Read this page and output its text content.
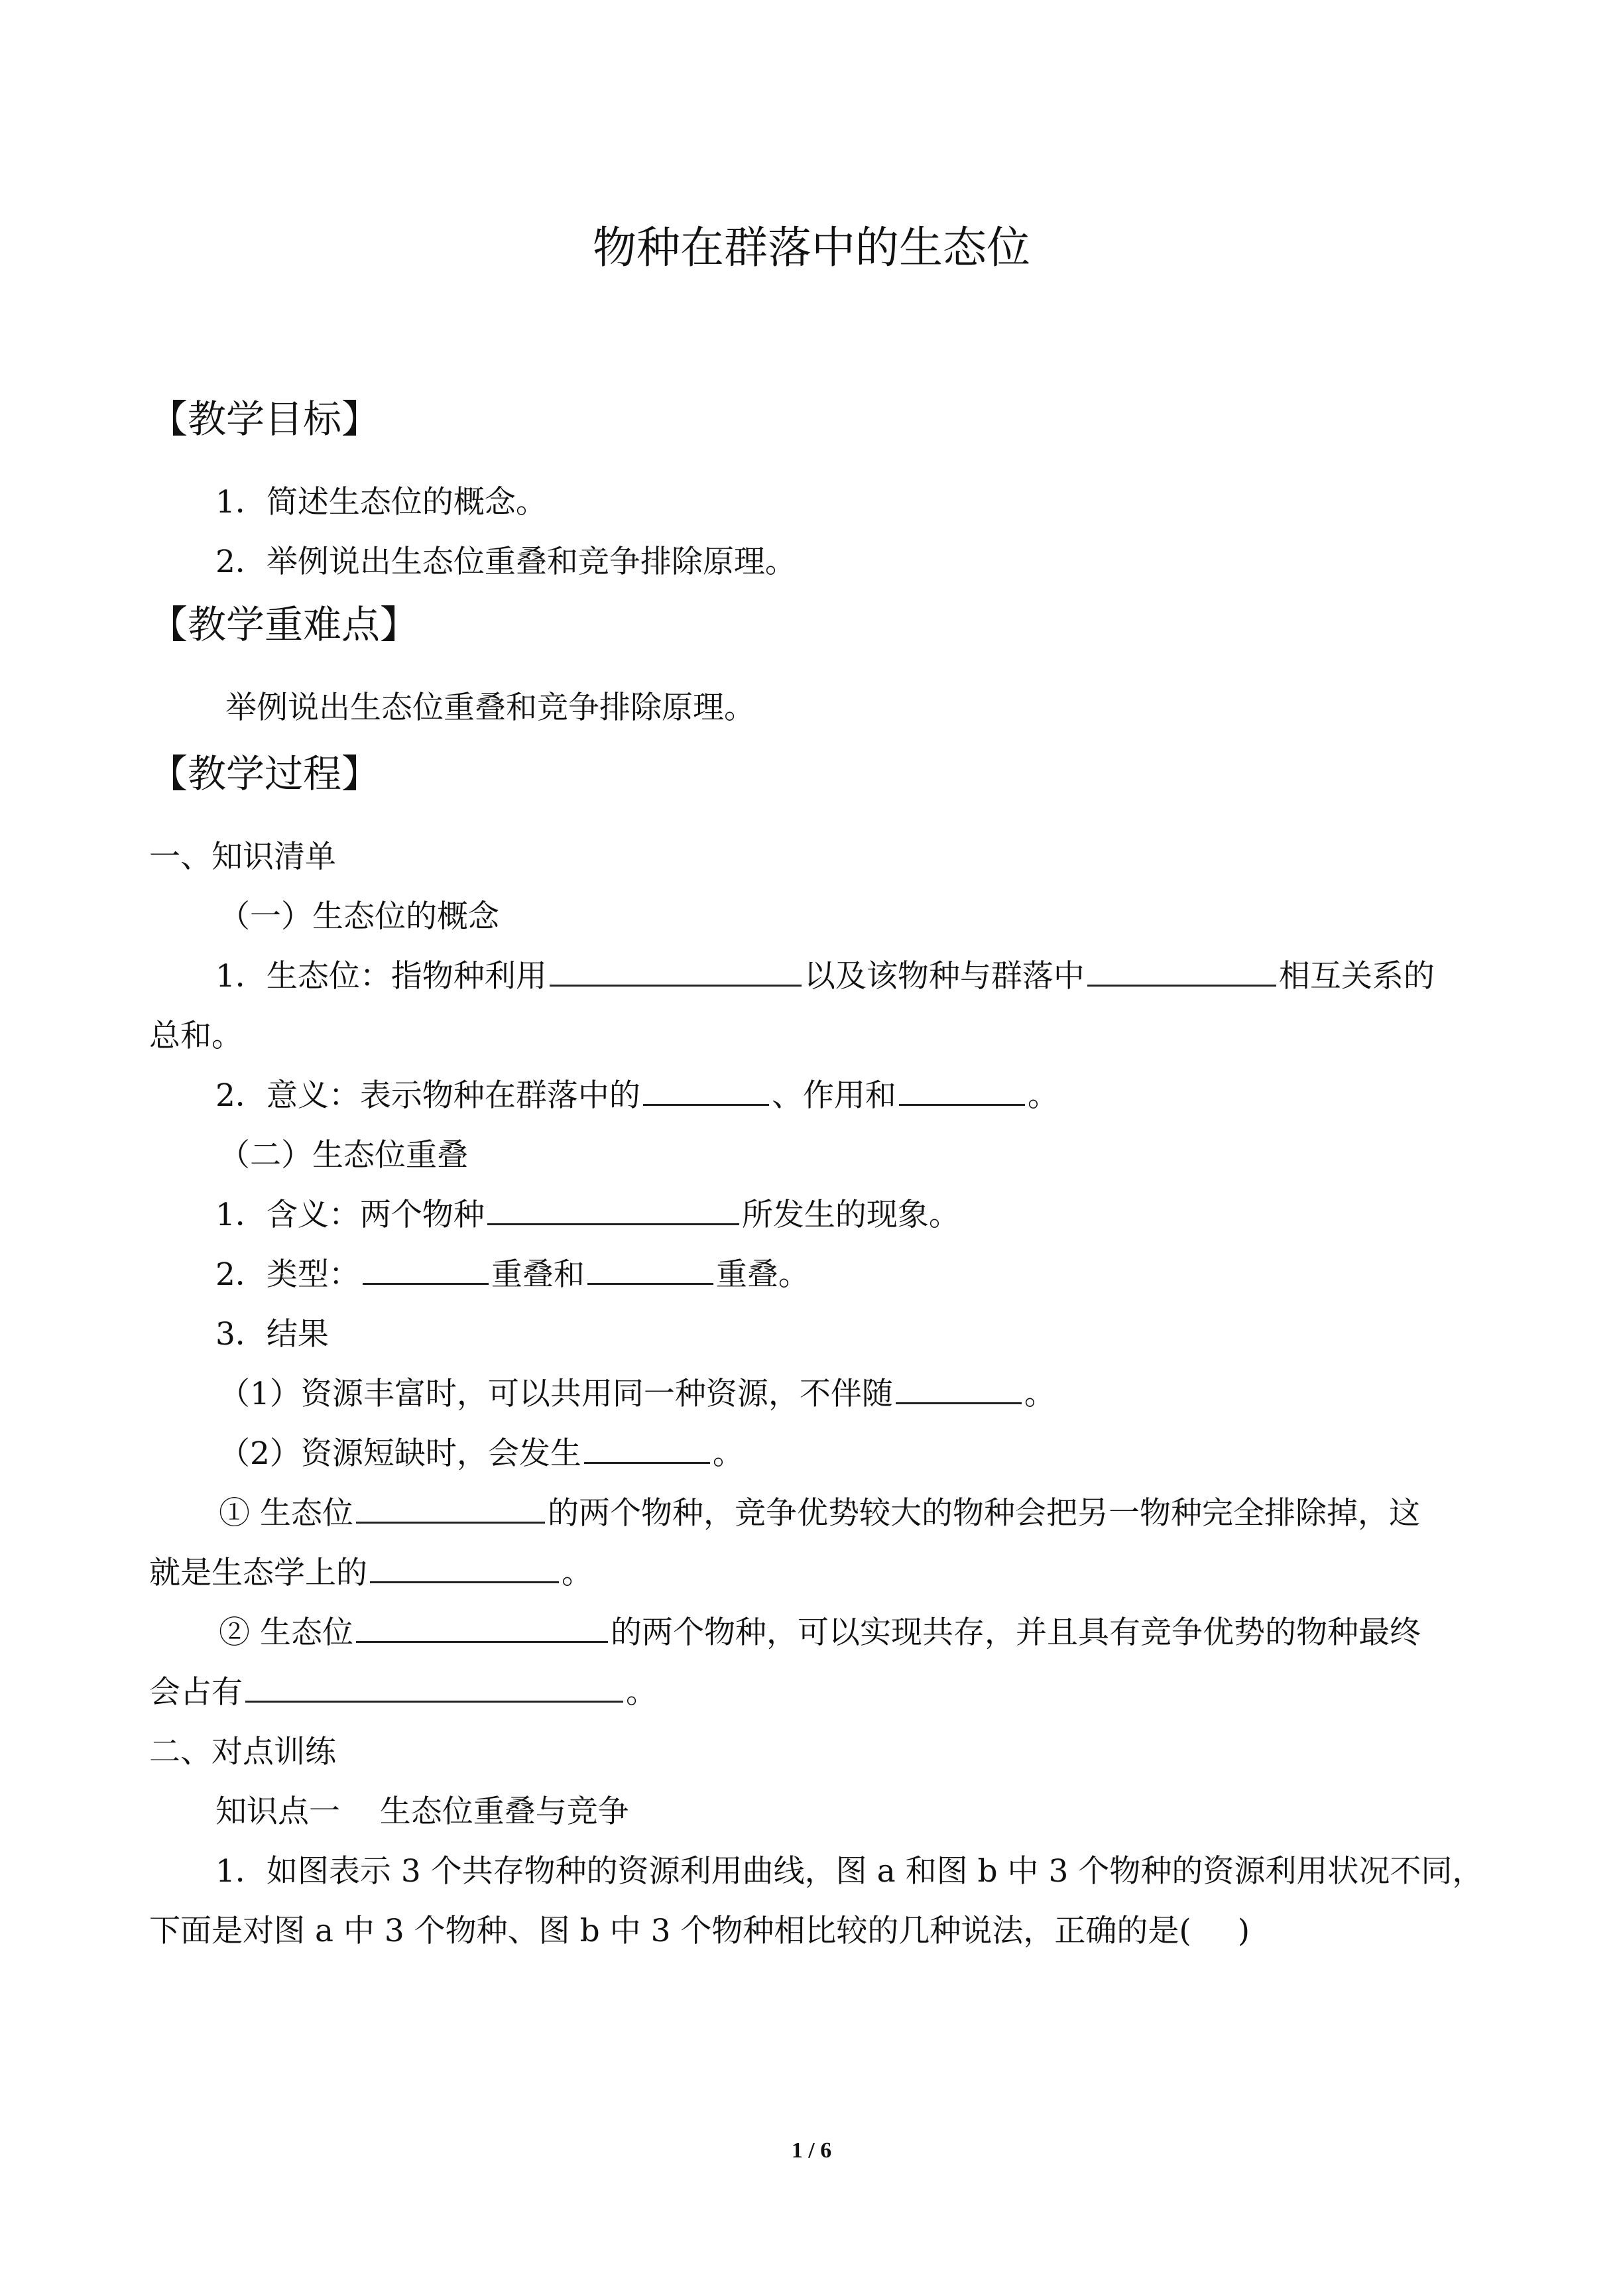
物种在群落中的生态位
【教学目标】
1．简述生态位的概念。
2．举例说出生态位重叠和竞争排除原理。
【教学重难点】
举例说出生态位重叠和竞争排除原理。
【教学过程】
一、知识清单
（一）生态位的概念
1．生态位：指物种利用	以及该物种与群落中	相互关系的
总和。
2．意义：表示物种在群落中的	、作用和	。
（二）生态位重叠
1．含义：两个物种	所发生的现象。
2．类型：	重叠和	重叠。
3．结果
（1）资源丰富时，可以共用同一种资源，不伴随	。
（2）资源短缺时，会发生	。
① 生态位	的两个物种，竞争优势较大的物种会把另一物种完全排除掉，这
就是生态学上的	。
② 生态位	的两个物种，可以实现共存，并且具有竞争优势的物种最终
会占有	。
二、对点训练
知识点一    生态位重叠与竞争
1．如图表示 3 个共存物种的资源利用曲线，图 a 和图 b 中 3 个物种的资源利用状况不同，
下面是对图 a 中 3 个物种、图 b 中 3 个物种相比较的几种说法，正确的是( )
1 / 6
